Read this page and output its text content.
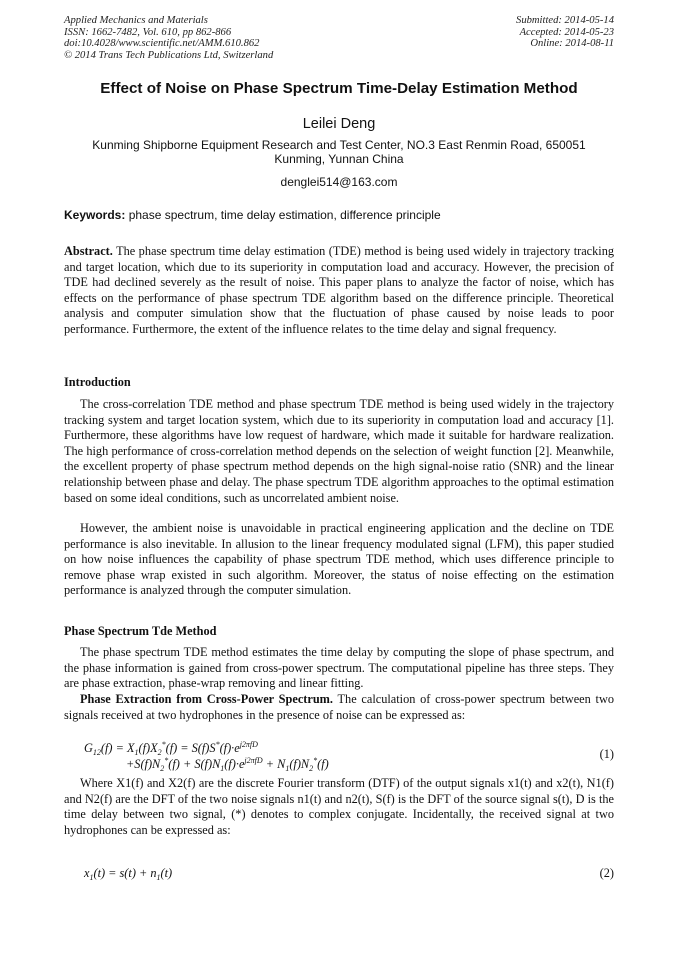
Applied Mechanics and Materials
ISSN: 1662-7482, Vol. 610, pp 862-866
doi:10.4028/www.scientific.net/AMM.610.862
© 2014 Trans Tech Publications Ltd, Switzerland
Submitted: 2014-05-14
Accepted: 2014-05-23
Online: 2014-08-11
Effect of Noise on Phase Spectrum Time-Delay Estimation Method
Leilei Deng
Kunming Shipborne Equipment Research and Test Center, NO.3 East Renmin Road, 650051 Kunming, Yunnan China
denglei514@163.com
Keywords: phase spectrum, time delay estimation, difference principle
Abstract. The phase spectrum time delay estimation (TDE) method is being used widely in trajectory tracking and target location, which due to its superiority in computation load and accuracy. However, the precision of TDE had declined severely as the result of noise. This paper plans to analyze the factor of noise, which has effects on the performance of phase spectrum TDE algorithm based on the difference principle. Theoretical analysis and computer simulation show that the fluctuation of phase caused by noise leads to poor performance. Furthermore, the extent of the influence relates to the time delay and signal frequency.
Introduction
The cross-correlation TDE method and phase spectrum TDE method is being used widely in the trajectory tracking system and target location system, which due to its superiority in computation load and accuracy [1]. Furthermore, these algorithms have low request of hardware, which made it suitable for hardware realization. The high performance of cross-correlation method depends on the selection of weight function [2]. Meanwhile, the excellent property of phase spectrum method depends on the high signal-noise ratio (SNR) and the linear relationship between phase and delay. The phase spectrum TDE algorithm approaches to the optimal estimation based on some ideal conditions, such as uncorrelated ambient noise.
However, the ambient noise is unavoidable in practical engineering application and the decline on TDE performance is also inevitable. In allusion to the linear frequency modulated signal (LFM), this paper studied on how noise influences the capability of phase spectrum TDE method, which uses difference principle to remove phase wrap existed in such algorithm. Moreover, the status of noise effecting on the estimation performance is analyzed through the computer simulation.
Phase Spectrum Tde Method
The phase spectrum TDE method estimates the time delay by computing the slope of phase spectrum, and the phase information is gained from cross-power spectrum. The computational pipeline has three steps. They are phase extraction, phase-wrap removing and linear fitting.
Phase Extraction from Cross-Power Spectrum. The calculation of cross-power spectrum between two signals received at two hydrophones in the presence of noise can be expressed as:
$G_{12}(f) = X_1(f)X_2^*(f) = S(f)S^*(f)\cdot e^{j2\pi fD}$
$+S(f)N_2^*(f) + S(f)N_1(f)\cdot e^{j2\pi fD} + N_1(f)N_2^*(f)$
(1)
Where X1(f) and X2(f) are the discrete Fourier transform (DTF) of the output signals x1(t) and x2(t), N1(f) and N2(f) are the DFT of the two noise signals n1(t) and n2(t), S(f) is the DFT of the source signal s(t), D is the time delay between two signal, (*) denotes to complex conjugate. Incidentally, the received signal at two hydrophones can be expressed as:
$x_1(t) = s(t) + n_1(t)$	(2)
